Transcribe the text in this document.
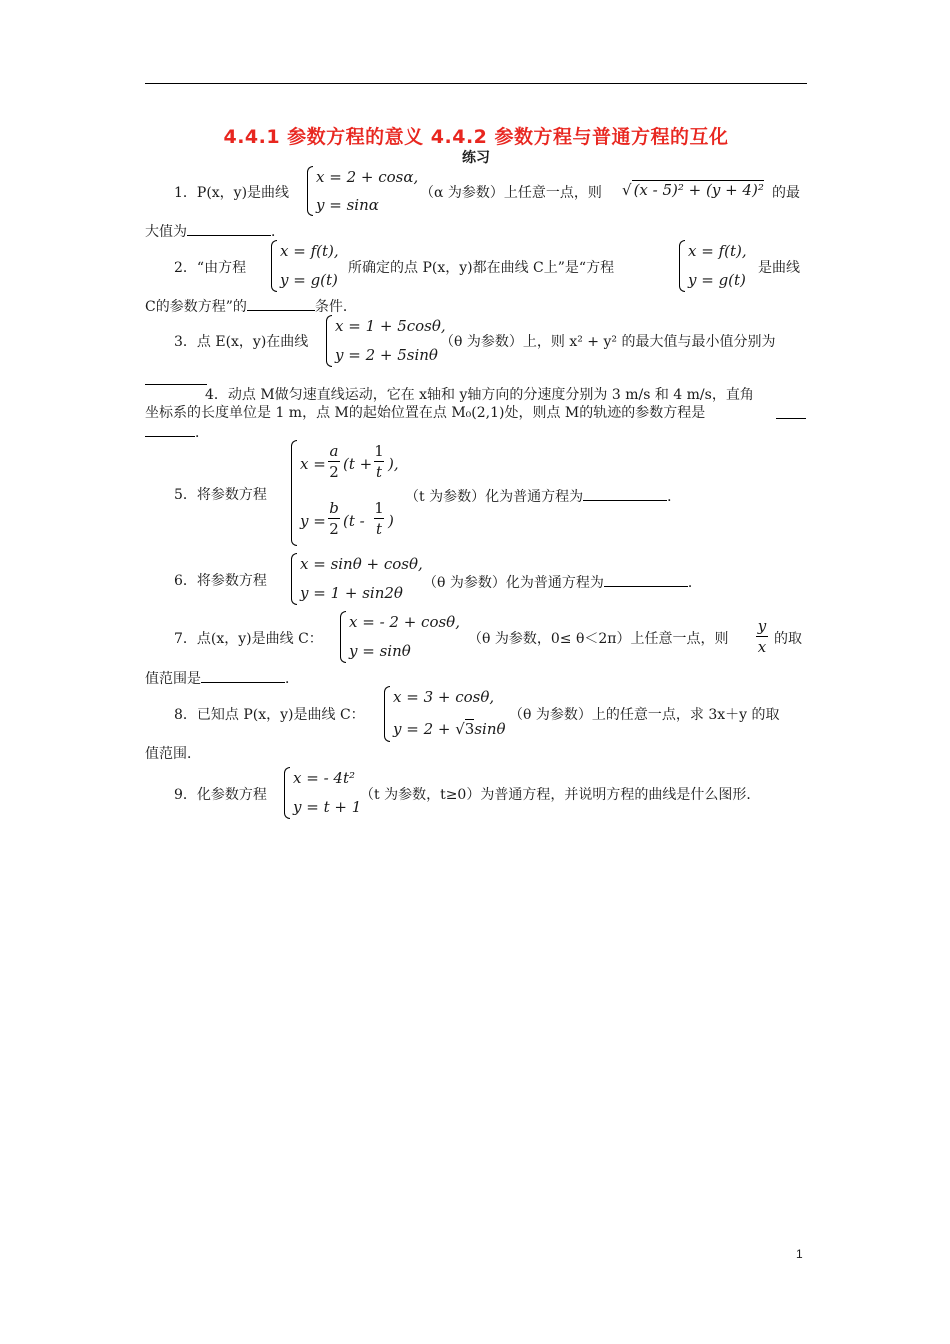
4.4.1 参数方程的意义 4.4.2 参数方程与普通方程的互化
练习
1．P(x，y)是曲线
x = 2 + cosα,
y = sinα
（α 为参数）上任意一点，则 √ (x - 5)² + (y + 4)² 的最
大值为	．
2．“由方程
x = f(t),
y = g(t)
所确定的点 P(x，y)都在曲线 C上”是“方程
x = f(t),
y = g(t)
是曲线
C的参数方程”的	条件．
3．点 E(x，y)在曲线
x = 1 + 5cosθ,
y = 2 + 5sinθ
（θ 为参数）上，则 x² + y² 的最大值与最小值分别为
4．动点 M做匀速直线运动，它在 x轴和 y轴方向的分速度分别为 3 m/s 和 4 m/s，直角
坐标系的长度单位是 1 m，点 M的起始位置在点 M₀(2,1)处，则点 M的轨迹的参数方程是
．
5．将参数方程
x =
a
2 (t +
1
t ),
y =
b
2 (t -
1
t )
（t 为参数）化为普通方程为	．
6．将参数方程
x = sinθ + cosθ,
y = 1 + sin2θ
（θ 为参数）化为普通方程为	．
7．点(x，y)是曲线 C：
x = - 2 + cosθ,
y = sinθ
（θ 为参数，0≤ θ＜2π）上任意一点，则
y
x 的取
值范围是	．
8．已知点 P(x，y)是曲线 C：
x = 3 + cosθ,
y = 2 + √3sinθ
（θ 为参数）上的任意一点，求 3x＋y 的取
值范围．
9．化参数方程
x = - 4t²
y = t + 1
（t 为参数，t≥0）为普通方程，并说明方程的曲线是什么图形．
1
